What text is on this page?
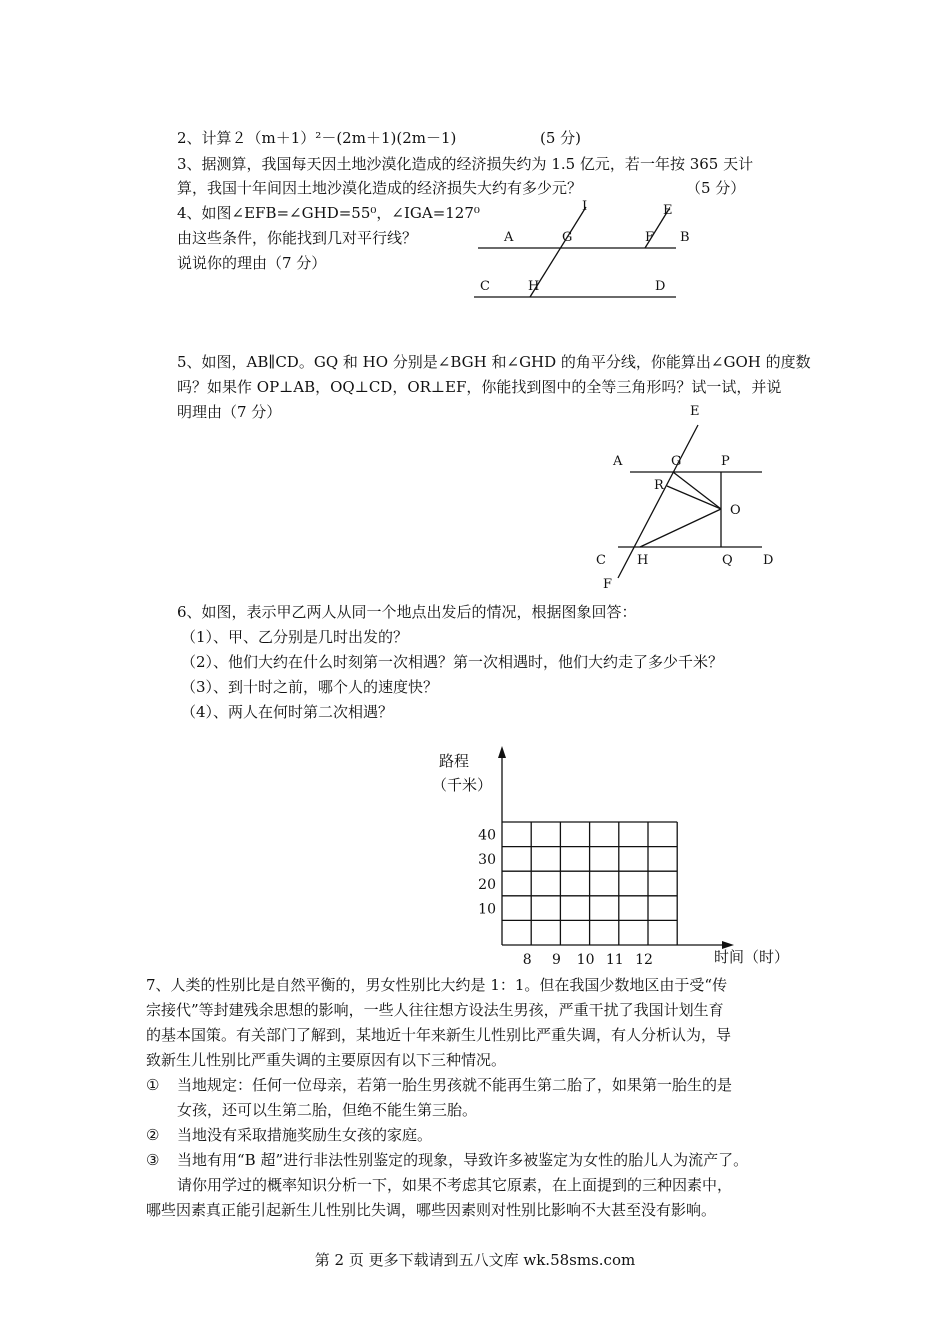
2、计算２（m＋1）²－(2m＋1)(2m－1)	(5 分)
3、据测算，我国每天因土地沙漠化造成的经济损失约为 1.5 亿元，若一年按 365 天计
算，我国十年间因土地沙漠化造成的经济损失大约有多少元？	（5 分）
4、如图∠EFB=∠GHD=55⁰，∠IGA=127⁰
由这些条件，你能找到几对平行线？
说说你的理由（7 分）
I	E
A	G	F B
C	H	D
5、如图，AB∥CD。GQ 和 HO 分别是∠BGH 和∠GHD 的角平分线，你能算出∠GOH 的度数
吗？如果作 OP⊥AB，OQ⊥CD，OR⊥EF，你能找到图中的全等三角形吗？试一试，并说
明理由（7 分）	E
A	G	P
R
O
C H	Q D
F
6、如图，表示甲乙两人从同一个地点出发后的情况，根据图象回答：
（1）、甲、乙分别是几时出发的？
（2）、他们大约在什么时刻第一次相遇？第一次相遇时，他们大约走了多少千米？
（3）、到十时之前，哪个人的速度快？
（4）、两人在何时第二次相遇？
路程
（千米）
时间（时）
8 9 10 11 12
10
20
30
40
7、人类的性别比是自然平衡的，男女性别比大约是 1：1。但在我国少数地区由于受“传
宗接代”等封建残余思想的影响，一些人往往想方设法生男孩，严重干扰了我国计划生育
的基本国策。有关部门了解到，某地近十年来新生儿性别比严重失调，有人分析认为，导
致新生儿性别比严重失调的主要原因有以下三种情况。
① 当地规定：任何一位母亲，若第一胎生男孩就不能再生第二胎了，如果第一胎生的是
女孩，还可以生第二胎，但绝不能生第三胎。
② 当地没有采取措施奖励生女孩的家庭。
③ 当地有用“B 超”进行非法性别鉴定的现象，导致许多被鉴定为女性的胎儿人为流产了。
请你用学过的概率知识分析一下，如果不考虑其它原素，在上面提到的三种因素中，
哪些因素真正能引起新生儿性别比失调，哪些因素则对性别比影响不大甚至没有影响。
第 2 页 更多下载请到五八文库 wk.58sms.com
